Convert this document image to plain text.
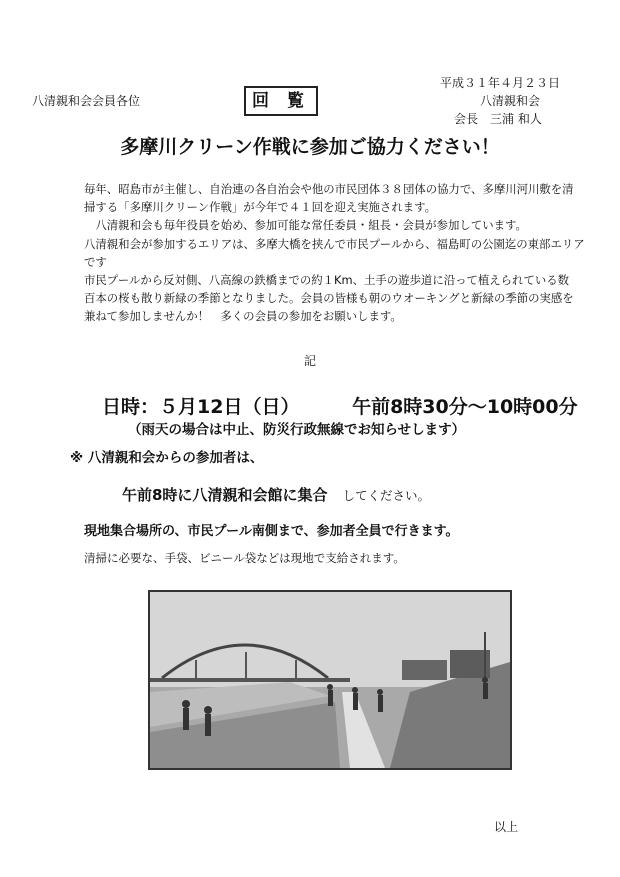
八清親和会会員各位	回 覧
平成３１年４月２３日
八清親和会
会長　三浦 和人
多摩川クリーン作戦に参加ご協力ください！

毎年、昭島市が主催し、自治連の各自治会や他の市民団体３８団体の協力で、多摩川河川敷を清

掃する「多摩川クリーン作戦」が今年で４１回を迎え実施されます。

　八清親和会も毎年役員を始め、参加可能な常任委員・組長・会員が参加しています。

八清親和会が参加するエリアは、多摩大橋を挟んで市民プールから、福島町の公園迄の東部エリア

です

市民プールから反対側、八高線の鉄橋までの約１Km、土手の遊歩道に沿って植えられている数

百本の桜も散り新緑の季節となりました。会員の皆様も朝のウオーキングと新緑の季節の実感を

兼ねて参加しませんか！　多くの会員の参加をお願いします。

記
日時：５月12日（日）	午前8時30分～10時00分
（雨天の場合は中止、防災行政無線でお知らせします）
※ 八清親和会からの参加者は、
午前8時に八清親和会館に集合 してください。
現地集合場所の、市民プール南側まで、参加者全員で行きます。
清掃に必要な、手袋、ビニール袋などは現地で支給されます。
以上
